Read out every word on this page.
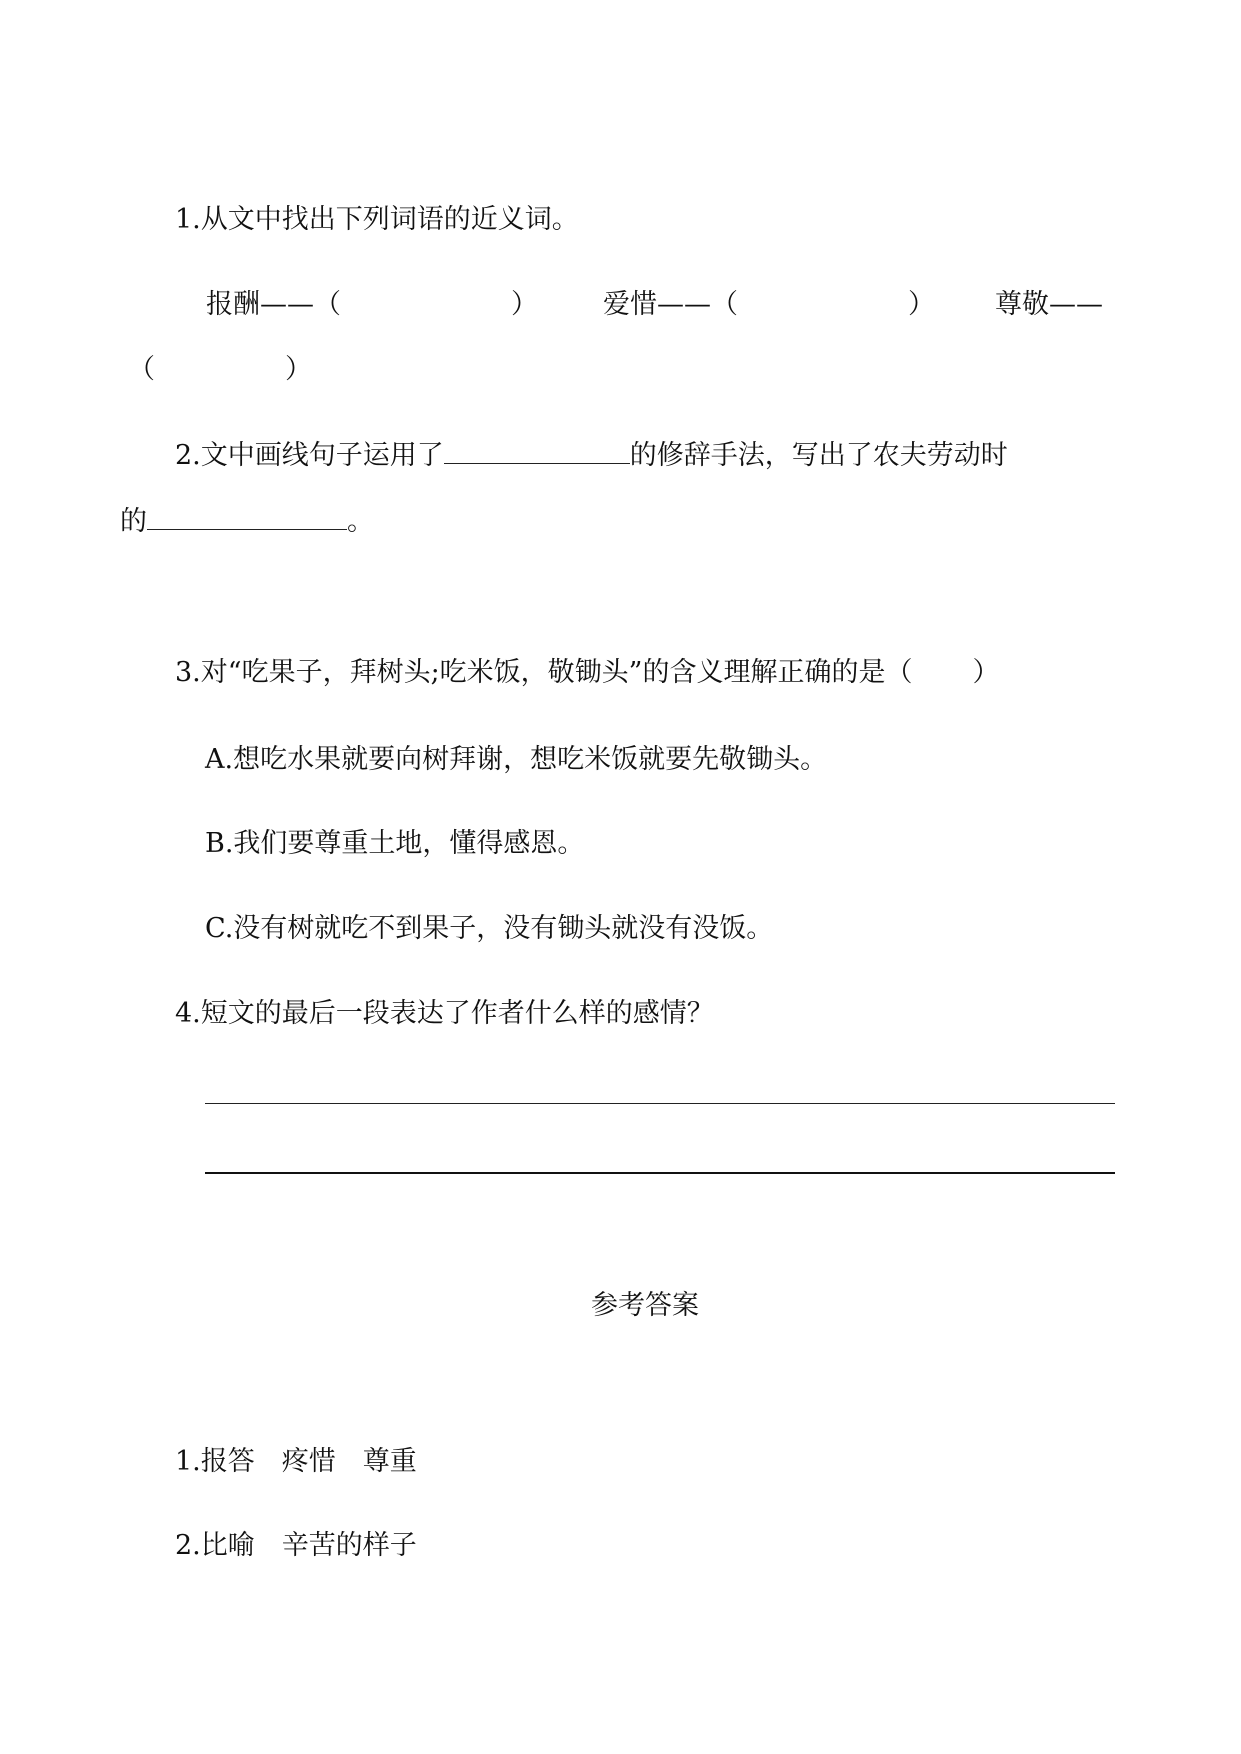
1.从文中找出下列词语的近义词。
报酬——（	） 爱惜——（	） 尊敬——
（	）
2.文中画线句子运用了	的修辞手法，写出了农夫劳动时
的	。
3.对“吃果子，拜树头;吃米饭，敬锄头”的含义理解正确的是（ ）
A.想吃水果就要向树拜谢，想吃米饭就要先敬锄头。
B.我们要尊重土地，懂得感恩。
C.没有树就吃不到果子，没有锄头就没有没饭。
4.短文的最后一段表达了作者什么样的感情？
参考答案
1.报答　疼惜　尊重
2.比喻　辛苦的样子
